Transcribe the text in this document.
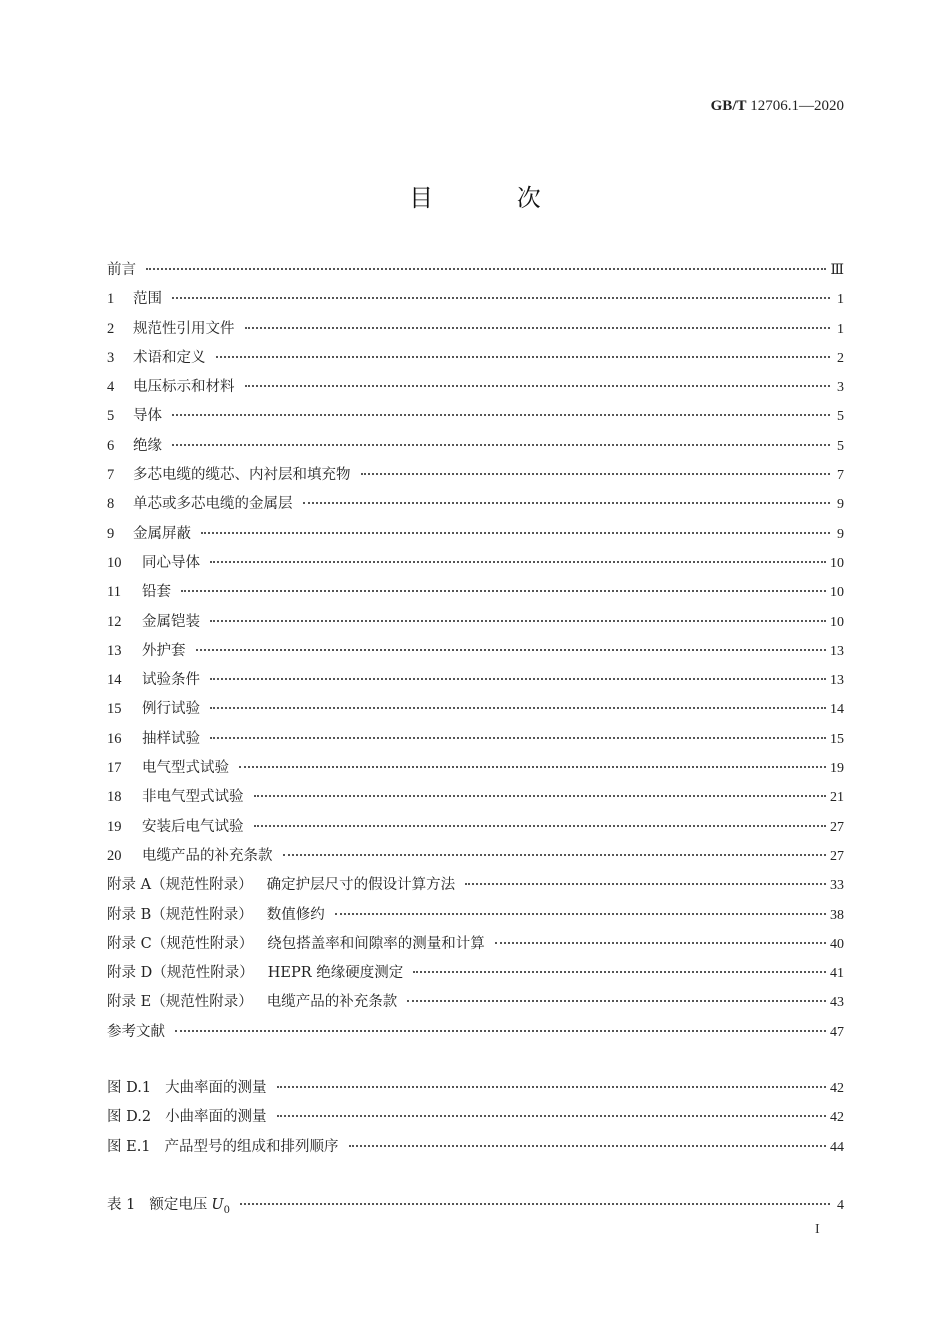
GB/T 12706.1—2020
目 次
前言	Ⅲ
1	范围	1
2	规范性引用文件	1
3	术语和定义	2
4	电压标示和材料	3
5	导体	5
6	绝缘	5
7	多芯电缆的缆芯、内衬层和填充物	7
8	单芯或多芯电缆的金属层	9
9	金属屏蔽	9
10	同心导体	10
11	铅套	10
12	金属铠装	10
13	外护套	13
14	试验条件	13
15	例行试验	14
16	抽样试验	15
17	电气型式试验	19
18	非电气型式试验	21
19	安装后电气试验	27
20	电缆产品的补充条款	27
附录 A（规范性附录） 确定护层尺寸的假设计算方法	33
附录 B（规范性附录） 数值修约	38
附录 C（规范性附录） 绕包搭盖率和间隙率的测量和计算	40
附录 D（规范性附录） HEPR 绝缘硬度测定	41
附录 E（规范性附录） 电缆产品的补充条款	43
参考文献	47
图 D.1 大曲率面的测量	42
图 D.2 小曲率面的测量	42
图 E.1 产品型号的组成和排列顺序	44
表 1 额定电压 $U_0$	4
I
